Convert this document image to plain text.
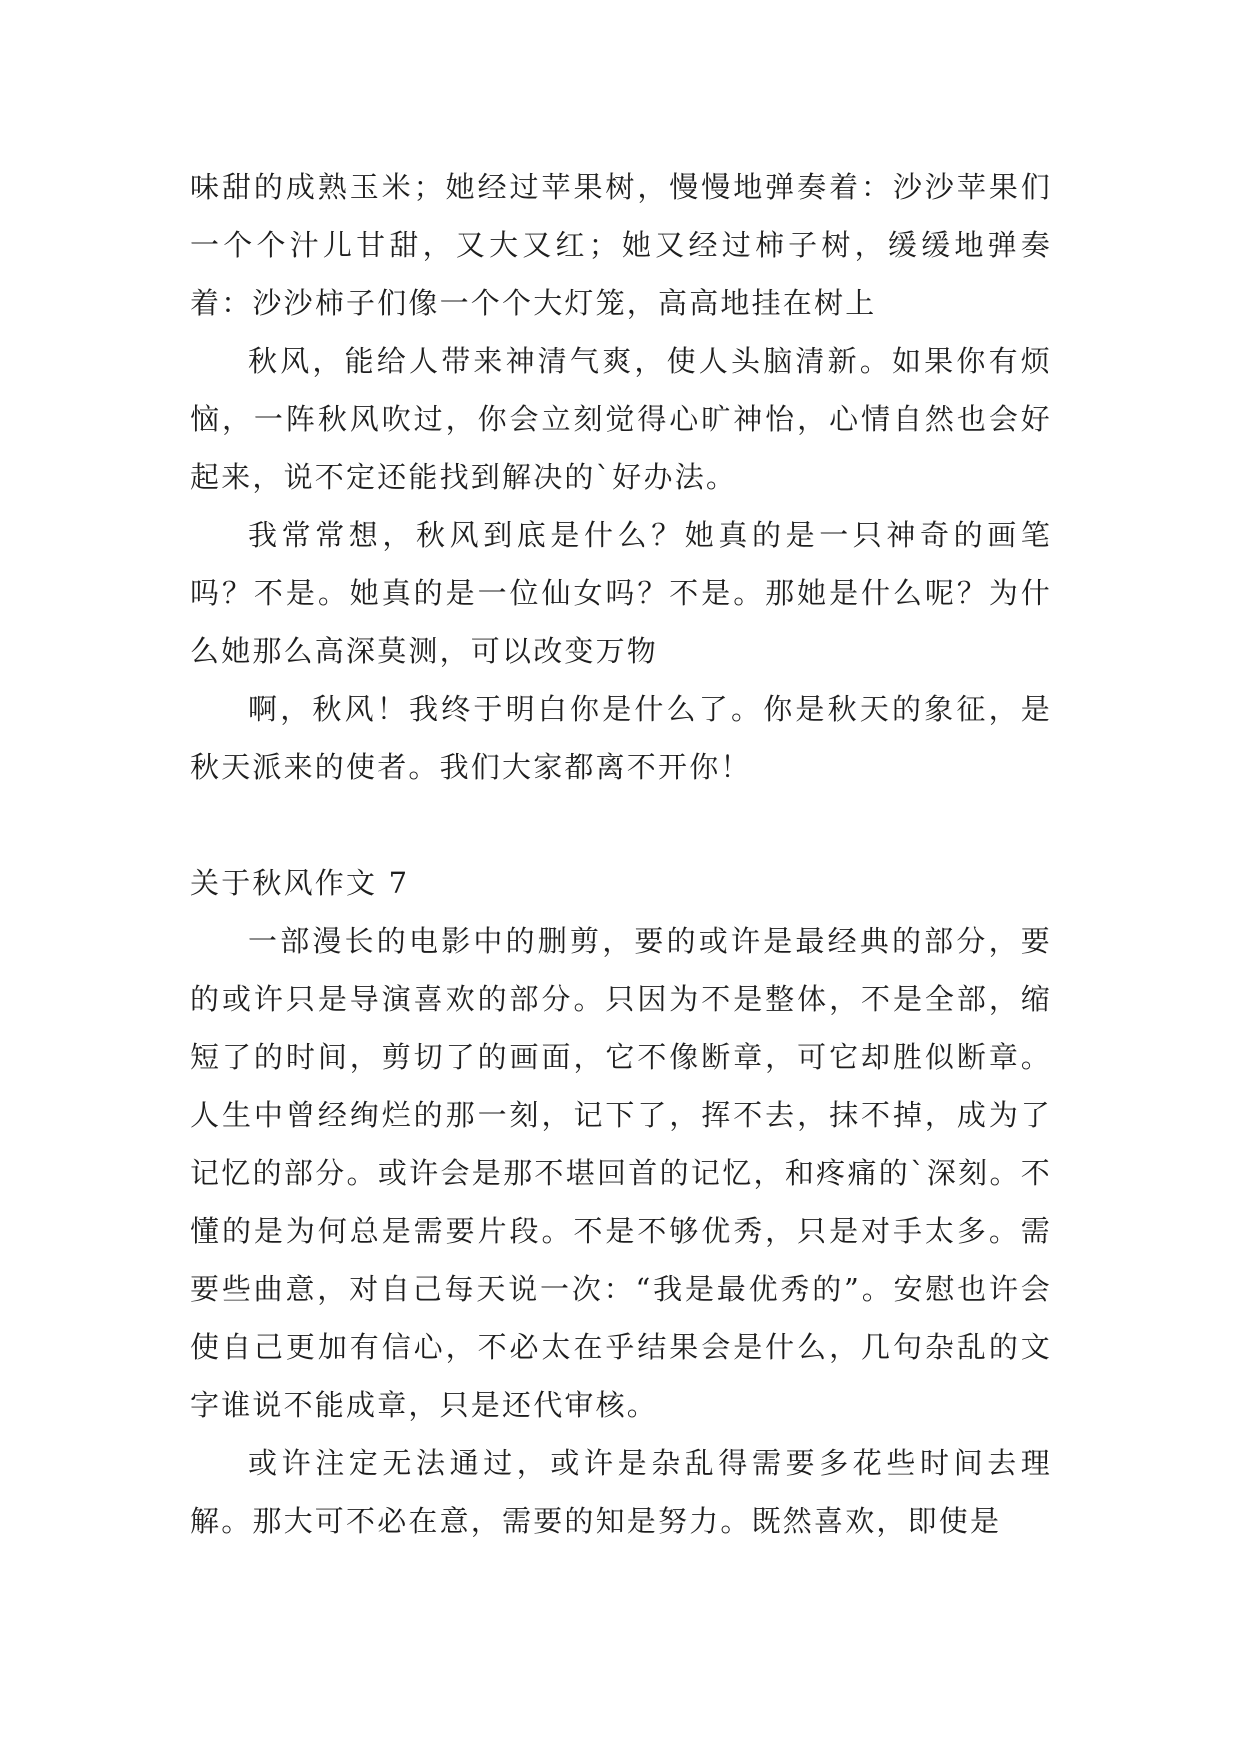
味甜的成熟玉米；她经过苹果树，慢慢地弹奏着：沙沙苹果们一个个汁儿甘甜，又大又红；她又经过柿子树，缓缓地弹奏着：沙沙柿子们像一个个大灯笼，高高地挂在树上

秋风，能给人带来神清气爽，使人头脑清新。如果你有烦恼，一阵秋风吹过，你会立刻觉得心旷神怡，心情自然也会好起来，说不定还能找到解决的`好办法。

我常常想，秋风到底是什么？她真的是一只神奇的画笔吗？不是。她真的是一位仙女吗？不是。那她是什么呢？为什么她那么高深莫测，可以改变万物

啊，秋风！我终于明白你是什么了。你是秋天的象征，是秋天派来的使者。我们大家都离不开你！

关于秋风作文 7

一部漫长的电影中的删剪，要的或许是最经典的部分，要的或许只是导演喜欢的部分。只因为不是整体，不是全部，缩短了的时间，剪切了的画面，它不像断章，可它却胜似断章。人生中曾经绚烂的那一刻，记下了，挥不去，抹不掉，成为了记忆的部分。或许会是那不堪回首的记忆，和疼痛的`深刻。不懂的是为何总是需要片段。不是不够优秀，只是对手太多。需要些曲意，对自己每天说一次：“我是最优秀的”。安慰也许会使自己更加有信心，不必太在乎结果会是什么，几句杂乱的文字谁说不能成章，只是还代审核。

或许注定无法通过，或许是杂乱得需要多花些时间去理解。那大可不必在意，需要的知是努力。既然喜欢，即使是
